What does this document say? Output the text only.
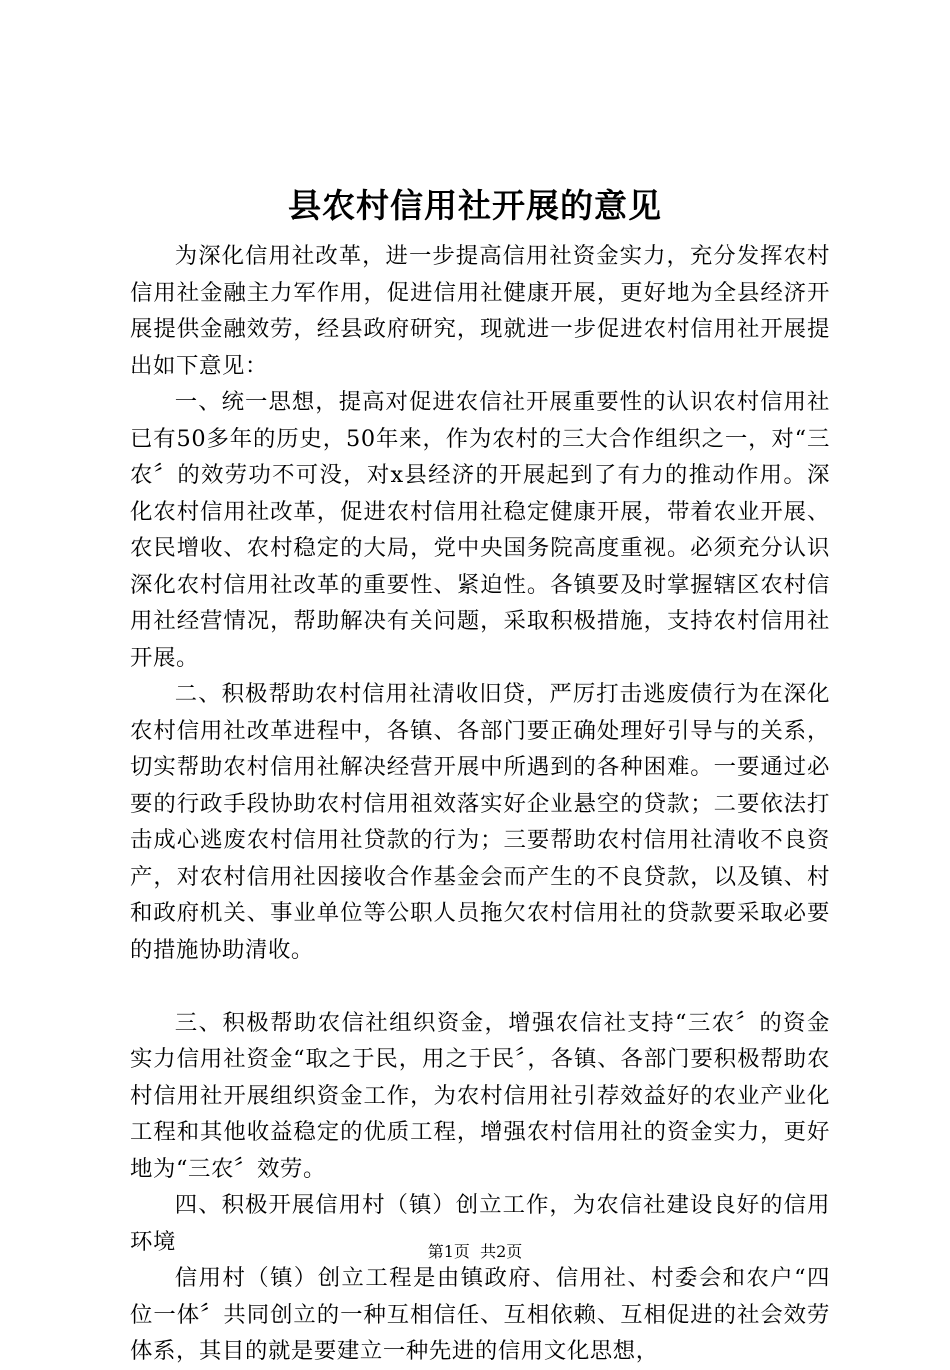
县农村信用社开展的意见

为深化信用社改革，进一步提高信用社资金实力，充分发挥农村信用社金融主力军作用，促进信用社健康开展，更好地为全县经济开展提供金融效劳，经县政府研究，现就进一步促进农村信用社开展提出如下意见：

一、统一思想，提高对促进农信社开展重要性的认识农村信用社已有50多年的历史，50年来，作为农村的三大合作组织之一，对“三农〞的效劳功不可没，对x县经济的开展起到了有力的推动作用。深化农村信用社改革，促进农村信用社稳定健康开展，带着农业开展、农民增收、农村稳定的大局，党中央国务院高度重视。必须充分认识深化农村信用社改革的重要性、紧迫性。各镇要及时掌握辖区农村信用社经营情况，帮助解决有关问题，采取积极措施，支持农村信用社开展。

二、积极帮助农村信用社清收旧贷，严厉打击逃废债行为在深化农村信用社改革进程中，各镇、各部门要正确处理好引导与的关系，切实帮助农村信用社解决经营开展中所遇到的各种困难。一要通过必要的行政手段协助农村信用祖效落实好企业悬空的贷款；二要依法打击成心逃废农村信用社贷款的行为；三要帮助农村信用社清收不良资产，对农村信用社因接收合作基金会而产生的不良贷款，以及镇、村和政府机关、事业单位等公职人员拖欠农村信用社的贷款要采取必要的措施协助清收。

三、积极帮助农信社组织资金，增强农信社支持“三农〞的资金实力信用社资金“取之于民，用之于民〞，各镇、各部门要积极帮助农村信用社开展组织资金工作，为农村信用社引荐效益好的农业产业化工程和其他收益稳定的优质工程，增强农村信用社的资金实力，更好地为“三农〞效劳。

四、积极开展信用村（镇）创立工作，为农信社建设良好的信用环境

信用村（镇）创立工程是由镇政府、信用社、村委会和农户“四位一体〞共同创立的一种互相信任、互相依赖、互相促进的社会效劳体系，其目的就是要建立一种先进的信用文化思想，

第1页 共2页
